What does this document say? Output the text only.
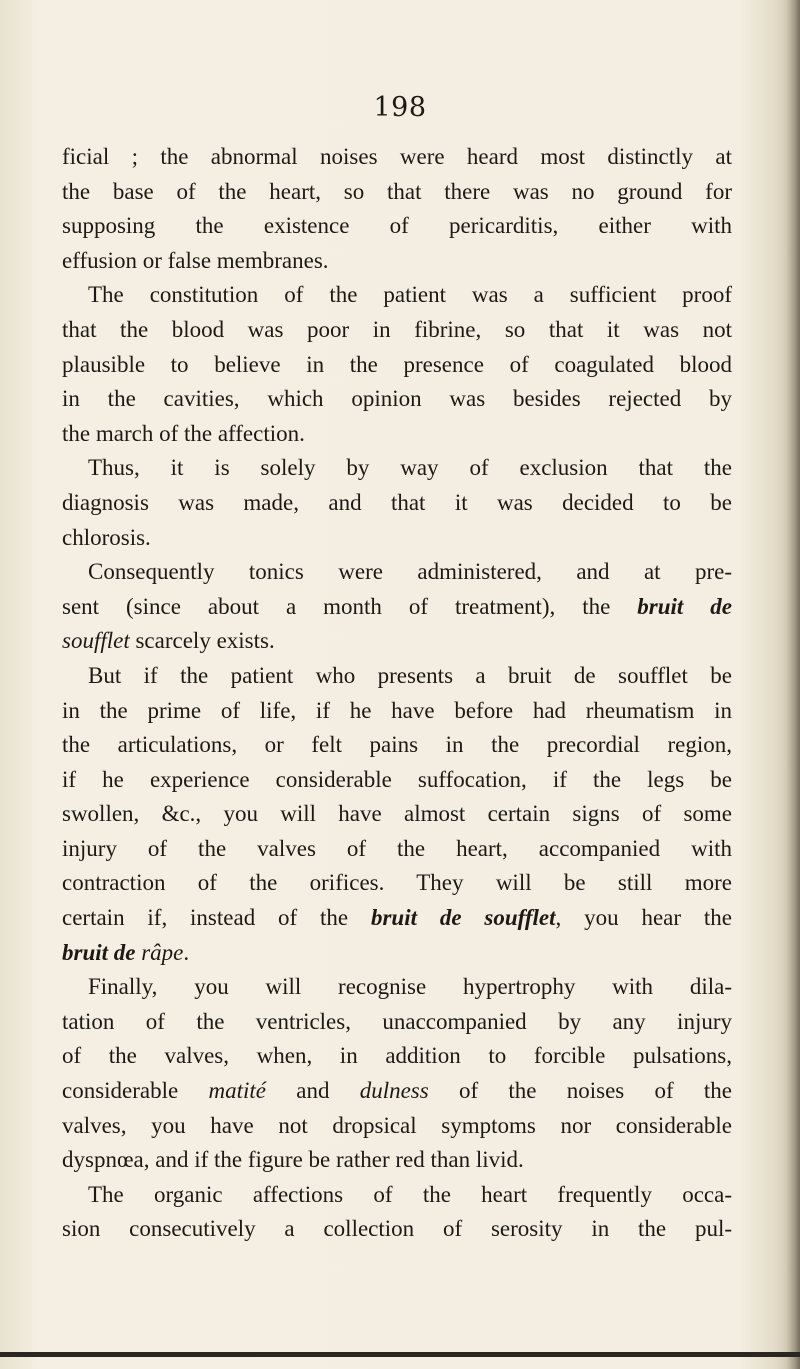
198

ficial ; the abnormal noises were heard most distinctly at
the base of the heart, so that there was no ground for
supposing the existence of pericarditis, either with
effusion or false membranes.
The constitution of the patient was a sufficient proof
that the blood was poor in fibrine, so that it was not
plausible to believe in the presence of coagulated blood
in the cavities, which opinion was besides rejected by
the march of the affection.
Thus, it is solely by way of exclusion that the
diagnosis was made, and that it was decided to be
chlorosis.
Consequently tonics were administered, and at pre-
sent (since about a month of treatment), the bruit de
soufflet scarcely exists.
But if the patient who presents a bruit de soufflet be
in the prime of life, if he have before had rheumatism in
the articulations, or felt pains in the precordial region,
if he experience considerable suffocation, if the legs be
swollen, &c., you will have almost certain signs of some
injury of the valves of the heart, accompanied with
contraction of the orifices. They will be still more
certain if, instead of the bruit de soufflet, you hear the
bruit de râpe.
Finally, you will recognise hypertrophy with dila-
tation of the ventricles, unaccompanied by any injury
of the valves, when, in addition to forcible pulsations,
considerable matité and dulness of the noises of the
valves, you have not dropsical symptoms nor considerable
dyspnœa, and if the figure be rather red than livid.
The organic affections of the heart frequently occa-
sion consecutively a collection of serosity in the pul-
